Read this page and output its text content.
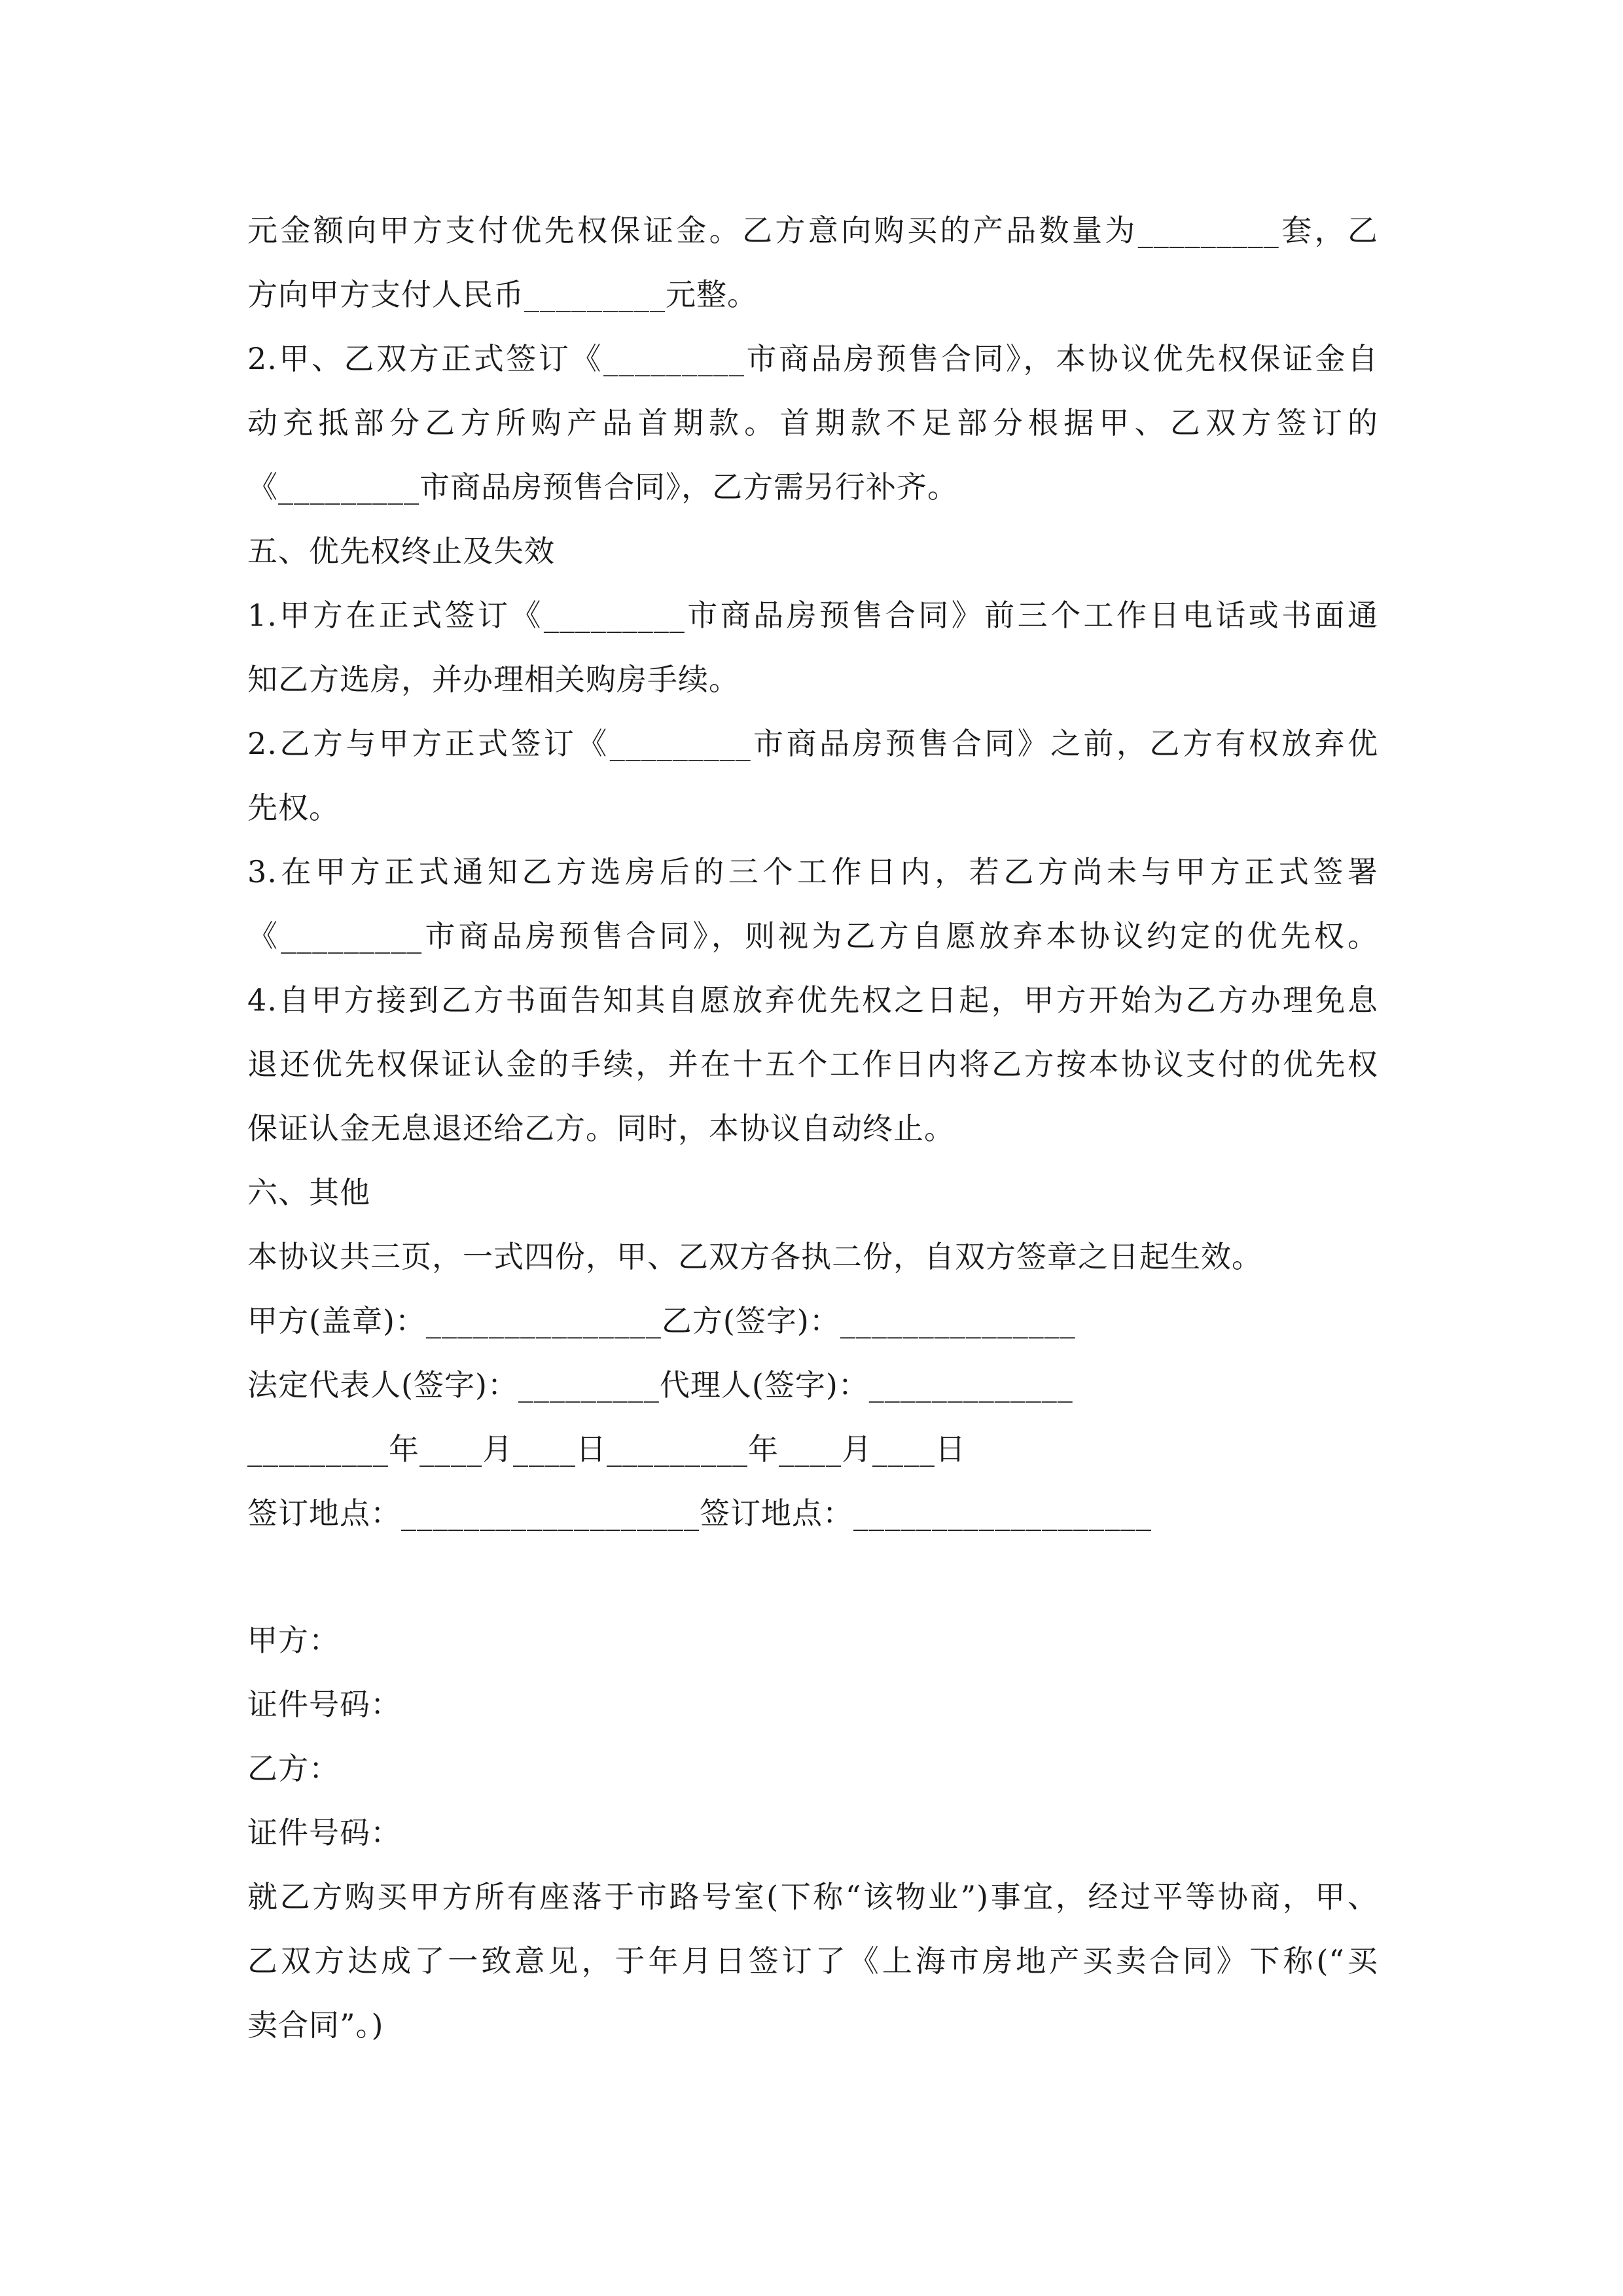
元金额向甲方支付优先权保证金。乙方意向购买的产品数量为_________套，乙
方向甲方支付人民币_________元整。
2.甲、乙双方正式签订《_________市商品房预售合同》，本协议优先权保证金自
动充抵部分乙方所购产品首期款。首期款不足部分根据甲、乙双方签订的
《_________市商品房预售合同》，乙方需另行补齐。
五、优先权终止及失效
1.甲方在正式签订《_________市商品房预售合同》前三个工作日电话或书面通
知乙方选房，并办理相关购房手续。
2.乙方与甲方正式签订《_________市商品房预售合同》之前，乙方有权放弃优
先权。
3.在甲方正式通知乙方选房后的三个工作日内，若乙方尚未与甲方正式签署
《_________市商品房预售合同》，则视为乙方自愿放弃本协议约定的优先权。
4.自甲方接到乙方书面告知其自愿放弃优先权之日起，甲方开始为乙方办理免息
退还优先权保证认金的手续，并在十五个工作日内将乙方按本协议支付的优先权
保证认金无息退还给乙方。同时，本协议自动终止。
六、其他
本协议共三页，一式四份，甲、乙双方各执二份，自双方签章之日起生效。
甲方(盖章)：_______________乙方(签字)：_______________
法定代表人(签字)：_________代理人(签字)：_____________
_________年____月____日_________年____月____日
签订地点：___________________签订地点：___________________
甲方：
证件号码：
乙方：
证件号码：
就乙方购买甲方所有座落于市路号室(下称“该物业”)事宜，经过平等协商，甲、
乙双方达成了一致意见，于年月日签订了《上海市房地产买卖合同》下称(“买
卖合同”。)
